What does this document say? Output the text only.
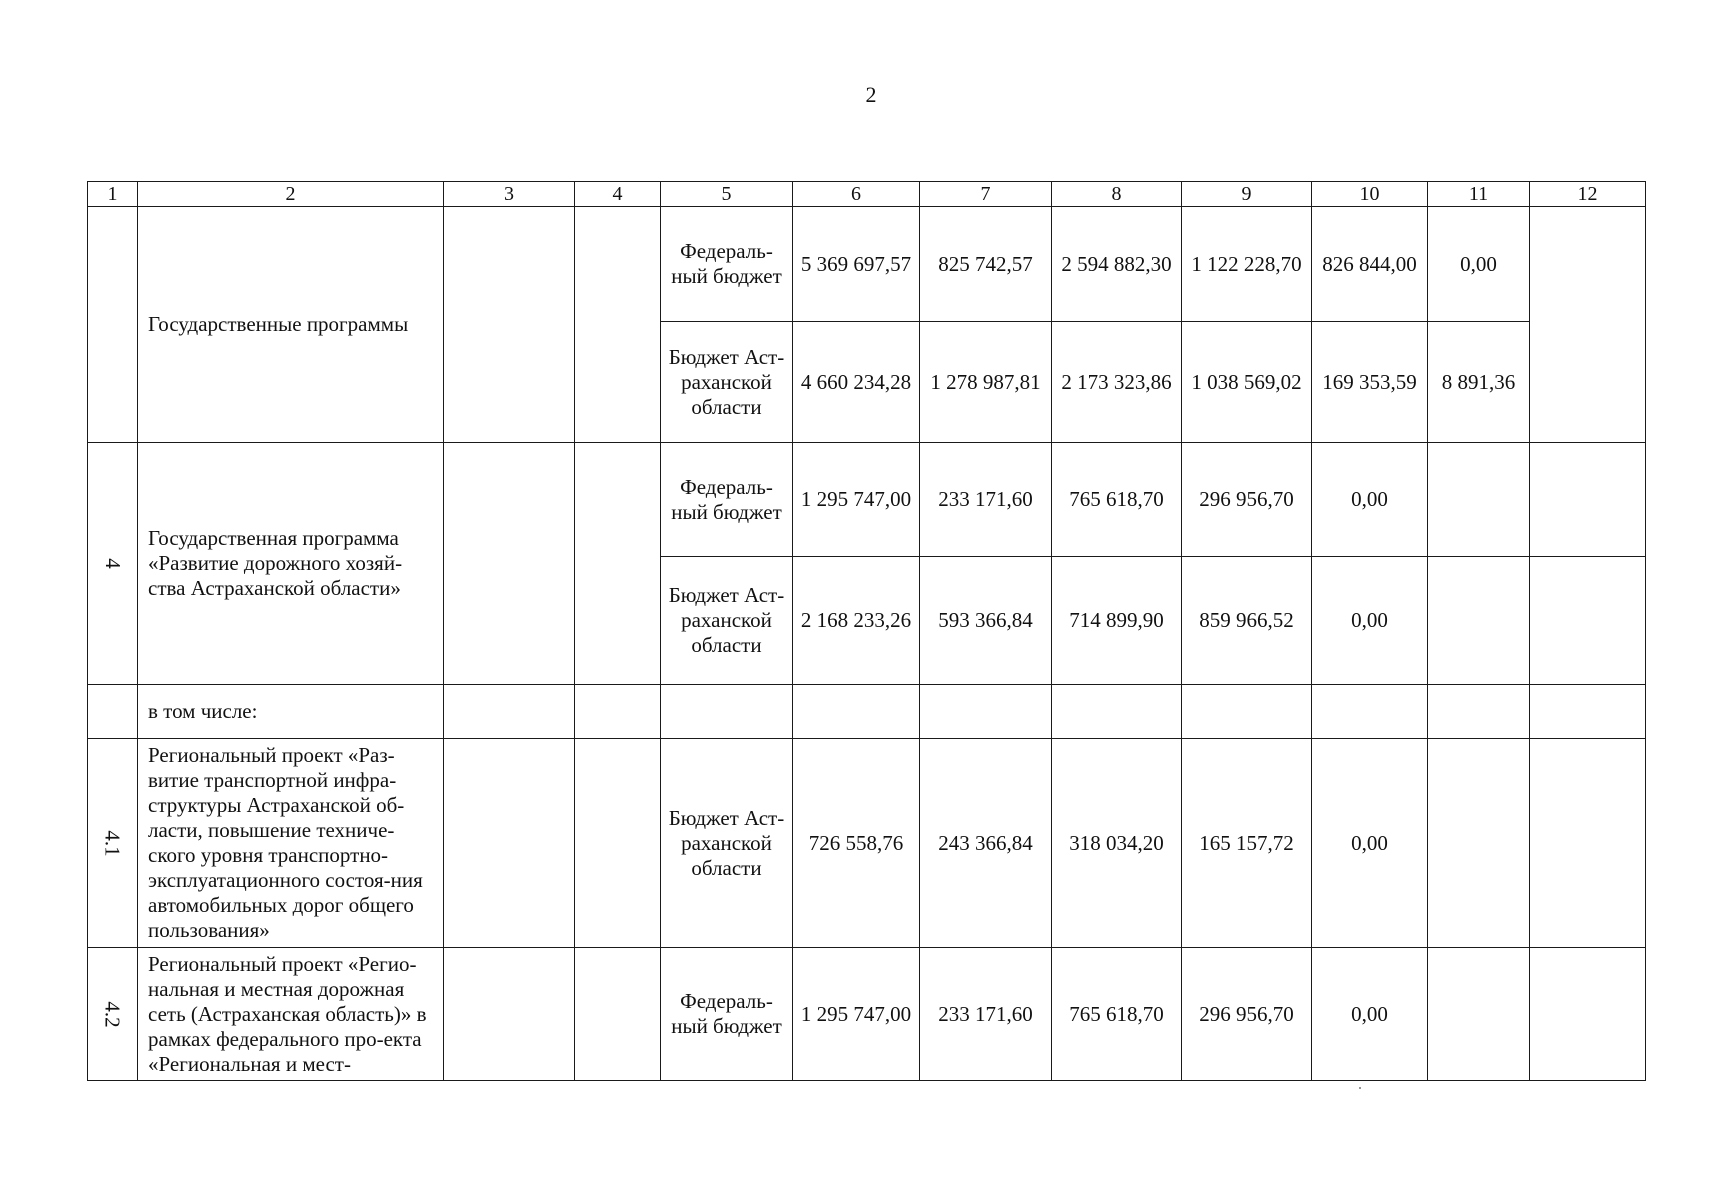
2
1	2	3	4	5	6	7	8	9	10	11	12
	Государственные программы			Федераль-ный бюджет	5 369 697,57	825 742,57	2 594 882,30	1 122 228,70	826 844,00	0,00	
				Бюджет Аст-раханской области	4 660 234,28	1 278 987,81	2 173 323,86	1 038 569,02	169 353,59	8 891,36	
4	Государственная программа «Развитие дорожного хозяй-ства Астраханской области»			Федераль-ный бюджет	1 295 747,00	233 171,60	765 618,70	296 956,70	0,00		
				Бюджет Аст-раханской области	2 168 233,26	593 366,84	714 899,90	859 966,52	0,00		
	в том числе:										
4.1	Региональный проект «Раз-витие транспортной инфра-структуры Астраханской об-ласти, повышение техниче-ского уровня транспортно-эксплуатационного состоя-ния автомобильных дорог общего пользования»			Бюджет Аст-раханской области	726 558,76	243 366,84	318 034,20	165 157,72	0,00		
4.2	Региональный проект «Регио-нальная и местная дорожная сеть (Астраханская область)» в рамках федерального про-екта «Региональная и мест-			Федераль-ный бюджет	1 295 747,00	233 171,60	765 618,70	296 956,70	0,00		
